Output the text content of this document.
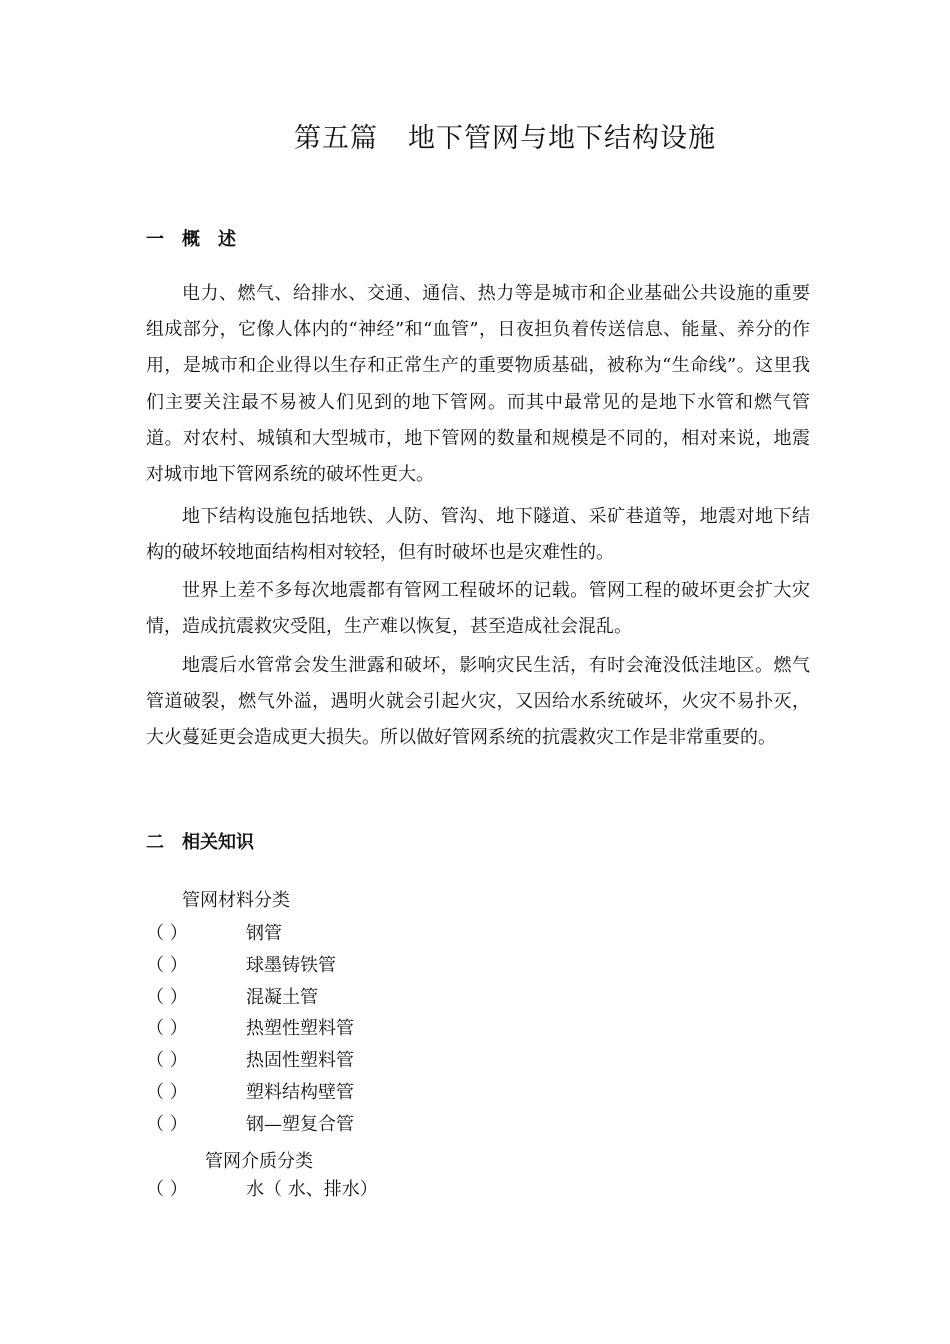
第五篇 地下管网与地下结构设施
一 概述

电力、燃气、给排水、交通、通信、热力等是城市和企业基础公共设施的重要组成部分，它像人体内的“神经”和“血管”，日夜担负着传送信息、能量、养分的作用，是城市和企业得以生存和正常生产的重要物质基础，被称为“生命线”。这里我们主要关注最不易被人们见到的地下管网。而其中最常见的是地下水管和燃气管道。对农村、城镇和大型城市，地下管网的数量和规模是不同的，相对来说，地震对城市地下管网系统的破坏性更大。

地下结构设施包括地铁、人防、管沟、地下隧道、采矿巷道等，地震对地下结构的破坏较地面结构相对较轻，但有时破坏也是灾难性的。

世界上差不多每次地震都有管网工程破坏的记载。管网工程的破坏更会扩大灾情，造成抗震救灾受阻，生产难以恢复，甚至造成社会混乱。

地震后水管常会发生泄露和破坏，影响灾民生活，有时会淹没低洼地区。燃气管道破裂，燃气外溢，遇明火就会引起火灾，又因给水系统破坏，火灾不易扑灭，大火蔓延更会造成更大损失。所以做好管网系统的抗震救灾工作是非常重要的。

二 相关知识

管网材料分类

（ ）	钢管
（ ）	球墨铸铁管
（ ）	混凝土管
（ ）	热塑性塑料管
（ ）	热固性塑料管
（ ）	塑料结构壁管
（ ）	钢—塑复合管

管网介质分类

（ ）	水（ 水、排水）
